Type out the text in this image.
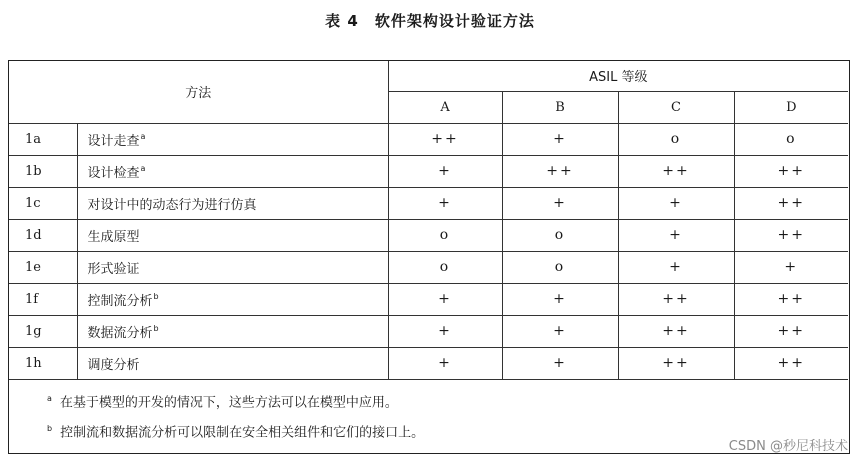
表 4　软件架构设计验证方法
方法		ASIL 等级			
		A	B	C	D
1a	设计走查$^a$	++	+	o	o
1b	设计检查$^a$	+	++	++	++
1c	对设计中的动态行为进行仿真	+	+	+	++
1d	生成原型	o	o	+	++
1e	形式验证	o	o	+	+
1f	控制流分析$^b$	+	+	++	++
1g	数据流分析$^b$	+	+	++	++
1h	调度分析	+	+	++	++

$^a$ 在基于模型的开发的情况下，这些方法可以在模型中应用。
$^b$ 控制流和数据流分析可以限制在安全相关组件和它们的接口上。					
CSDN @秒尼科技术
